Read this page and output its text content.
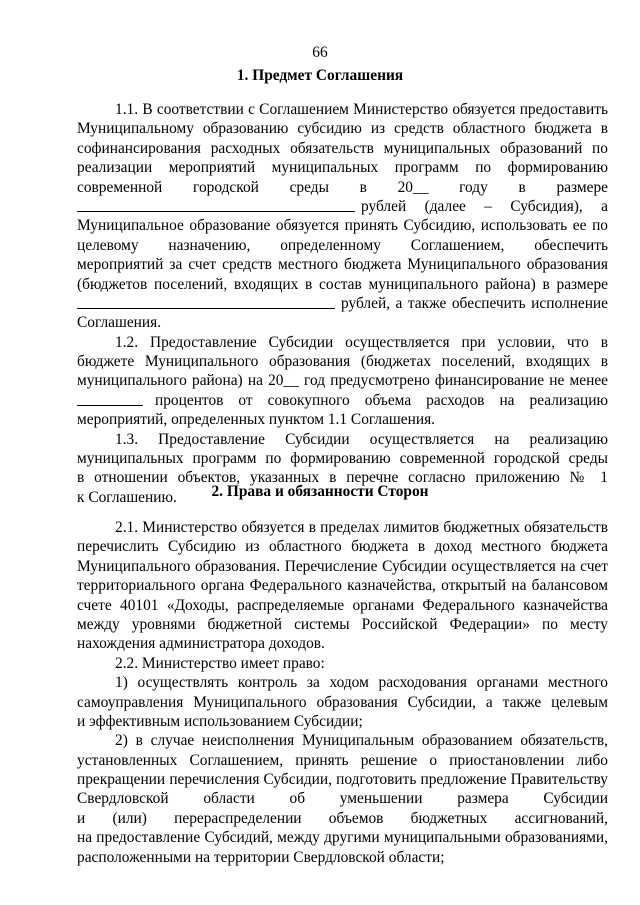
66
1. Предмет Соглашения
1.1. В соответствии с Соглашением Министерство обязуется предоставить
Муниципальному образованию субсидию из средств областного бюджета в
софинансирования расходных обязательств муниципальных образований по
реализации мероприятий муниципальных программ по формированию
современной городской среды в 20__ году в размере
рублей (далее – Субсидия), а
Муниципальное образование обязуется принять Субсидию, использовать ее по
целевому назначению, определенному Соглашением, обеспечить
мероприятий за счет средств местного бюджета Муниципального образования
(бюджетов поселений, входящих в состав муниципального района) в размере
рублей, а также обеспечить исполнение
Соглашения.
1.2. Предоставление Субсидии осуществляется при условии, что в
бюджете Муниципального образования (бюджетах поселений, входящих в
муниципального района) на 20__ год предусмотрено финансирование не менее
процентов от совокупного объема расходов на реализацию
мероприятий, определенных пунктом 1.1 Соглашения.
1.3. Предоставление Субсидии осуществляется на реализацию
муниципальных программ по формированию современной городской среды
в отношении объектов, указанных в перечне согласно приложению № 1
к Соглашению.	2. Права и обязанности Сторон
2.1. Министерство обязуется в пределах лимитов бюджетных обязательств
перечислить Субсидию из областного бюджета в доход местного бюджета
Муниципального образования. Перечисление Субсидии осуществляется на счет
территориального органа Федерального казначейства, открытый на балансовом
счете 40101 «Доходы, распределяемые органами Федерального казначейства
между уровнями бюджетной системы Российской Федерации» по месту
нахождения администратора доходов.
2.2. Министерство имеет право:
1) осуществлять контроль за ходом расходования органами местного
самоуправления Муниципального образования Субсидии, а также целевым
и эффективным использованием Субсидии;
2) в случае неисполнения Муниципальным образованием обязательств,
установленных Соглашением, принять решение о приостановлении либо
прекращении перечисления Субсидии, подготовить предложение Правительству
Свердловской области об уменьшении размера Субсидии
и (или) перераспределении объемов бюджетных ассигнований,
на предоставление Субсидий, между другими муниципальными образованиями,
расположенными на территории Свердловской области;
